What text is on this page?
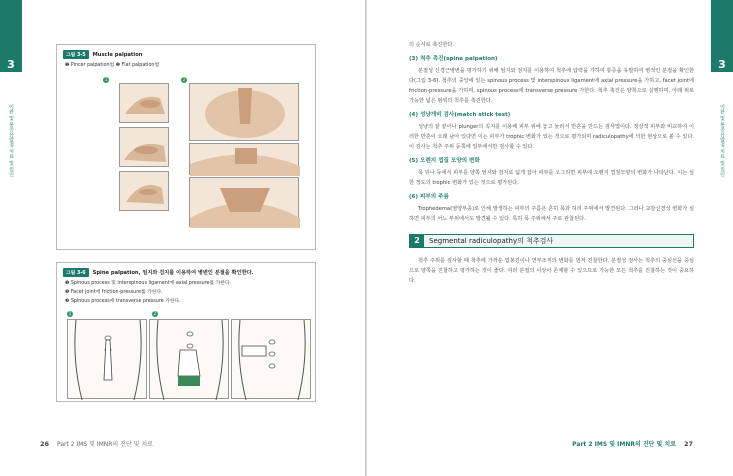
3
이완 및 통증유발점 치료 및 원인
그림 3-5	Muscle palpation
❶ Pincer palpation법 ❷ Flat palpation법
1	2
그림 3-6	Spine palpation, 엄지와 검지를 이용하여 병변인 분절을 확인한다.
❶ Spinous process 및 interspinous ligament에 axial pressure를 가한다.
❷ Facet joint에 friction-pressure를 가한다.
❸ Spinous process에 transverse pressure 가한다.
1	2
26 Part 2 IMS 및 IMNR의 진단 및 치료
3
이완 및 통증유발점 치료 및 원인

의 순서로 촉진한다.

(3) 척추 촉진(spine palpation)

분절성 신경근병변을 평가하기 위해 엄지와 검지를 이용하여 척추에 압력을 가하여 통증을 유발하여 병적인 분절을 확인한다(그림 3-6). 척추의 중앙에 있는 spinous process 및 interspinous ligament에 axial pressure을 가하고, facet joint에 friction-pressure을 가하며, spinous process에 transverse pressure 가한다. 척추 촉진은 양쪽으로 실행하며, 아래 위로 가능한 넓은 범위의 척추를 촉진한다.

(4) 성냥개비 검사(match stick test)

성냥의 끝 끝이나 plunger의 꼭지를 이용해 피부 위에 놓고 눌러서 반흔을 만드는 검사법이다. 정상적 피부와 비교하여 이러한 반흔이 오래 남아 있다면 이는 피부가 trophic 변화가 있는 것으로 평가되며 radiculopathy에 의한 현상으로 볼 수 있다. 이 검사는 척추 주위 등쪽에 일부에서만 검사할 수 있다.

(5) 오렌지 껍질 모양의 변화

목 뒤나 등에서 피부를 양쪽 엄지와 검지로 넓게 잡아 피부를 오그리면 피부에 오렌지 껍질모양의 변화가 나타난다. 이는 심한 정도의 trophic 변화가 있는 것으로 평가된다.

(6) 피부의 주름

Trophedema(영양부종)로 인해 발생하는 피부의 주름은 흔히 목과 허리 주위에서 발견된다. 그러나 교감신경성 변화가 심하면 피부의 어느 부위에서도 발견될 수 있다. 특히 목 주위에서 주로 관찰된다.

2	Segmental radiculopathy의 척추검사

척추 주위를 검사할 때 척추에 가까운 업봉진이나 연부조직의 변화를 먼저 진찰한다. 분절성 검사는 척추의 중심선을 중심으로 양쪽을 진찰하고 평가하는 것이 좋다. 여러 분절의 이상이 존재할 수 있으므로 가능한 모든 척추를 진찰하는 것이 중요하다.

Part 2 IMS 및 IMNR의 진단 및 치료 27
